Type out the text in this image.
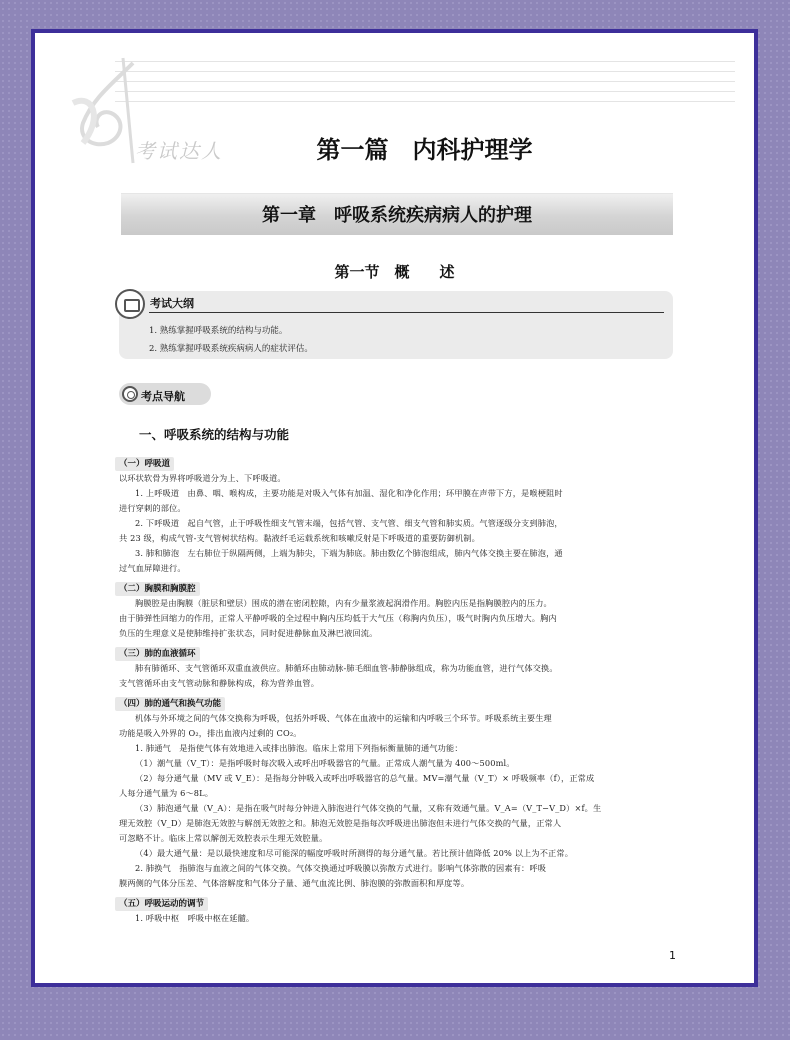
考试达人	第一篇　内科护理学
第一章　呼吸系统疾病病人的护理
第一节　概　　述
考试大纲
1. 熟练掌握呼吸系统的结构与功能。
2. 熟练掌握呼吸系统疾病病人的症状评估。
考点导航
一、呼吸系统的结构与功能
（一）呼吸道
以环状软骨为界将呼吸道分为上、下呼吸道。
1. 上呼吸道　由鼻、咽、喉构成，主要功能是对吸入气体有加温、湿化和净化作用；环甲膜在声带下方，是喉梗阻时
进行穿刺的部位。
2. 下呼吸道　起自气管，止于呼吸性细支气管末端，包括气管、支气管、细支气管和肺实质。气管逐级分支到肺泡，
共 23 级，构成气管-支气管树状结构。黏液纤毛运载系统和咳嗽反射是下呼吸道的重要防御机制。
3. 肺和肺泡　左右肺位于纵隔两侧，上端为肺尖，下端为肺底。肺由数亿个肺泡组成，肺内气体交换主要在肺泡，通
过气血屏障进行。
（二）胸膜和胸膜腔
胸膜腔是由胸膜（脏层和壁层）围成的潜在密闭腔隙，内有少量浆液起润滑作用。胸腔内压是指胸膜腔内的压力。
由于肺弹性回缩力的作用，正常人平静呼吸的全过程中胸内压均低于大气压（称胸内负压），吸气时胸内负压增大。胸内
负压的生理意义是使肺维持扩张状态，同时促进静脉血及淋巴液回流。
（三）肺的血液循环
肺有肺循环、支气管循环双重血液供应。肺循环由肺动脉-肺毛细血管-肺静脉组成，称为功能血管，进行气体交换。
支气管循环由支气管动脉和静脉构成，称为营养血管。
（四）肺的通气和换气功能
机体与外环境之间的气体交换称为呼吸，包括外呼吸、气体在血液中的运输和内呼吸三个环节。呼吸系统主要生理
功能是吸入外界的 O₂，排出血液内过剩的 CO₂。
1. 肺通气　是指使气体有效地进入或排出肺泡。临床上常用下列指标衡量肺的通气功能：
（1）潮气量（V_T）：是指呼吸时每次吸入或呼出呼吸器官的气量。正常成人潮气量为 400～500ml。
（2）每分通气量（MV 或 V_E）：是指每分钟吸入或呼出呼吸器官的总气量。MV=潮气量（V_T）× 呼吸频率（f），正常成
人每分通气量为 6～8L。
（3）肺泡通气量（V_A）：是指在吸气时每分钟进入肺泡进行气体交换的气量，又称有效通气量。V_A=（V_T−V_D）×f。生
理无效腔（V_D）是肺泡无效腔与解剖无效腔之和。肺泡无效腔是指每次呼吸进出肺泡但未进行气体交换的气量，正常人
可忽略不计。临床上常以解剖无效腔表示生理无效腔量。
（4）最大通气量：是以最快速度和尽可能深的幅度呼吸时所测得的每分通气量。若比预计值降低 20% 以上为不正常。
2. 肺换气　指肺泡与血液之间的气体交换。气体交换通过呼吸膜以弥散方式进行。影响气体弥散的因素有：呼吸
膜两侧的气体分压差、气体溶解度和气体分子量、通气血流比例、肺泡膜的弥散面积和厚度等。
（五）呼吸运动的调节
1. 呼吸中枢　呼吸中枢在延髓。
1
